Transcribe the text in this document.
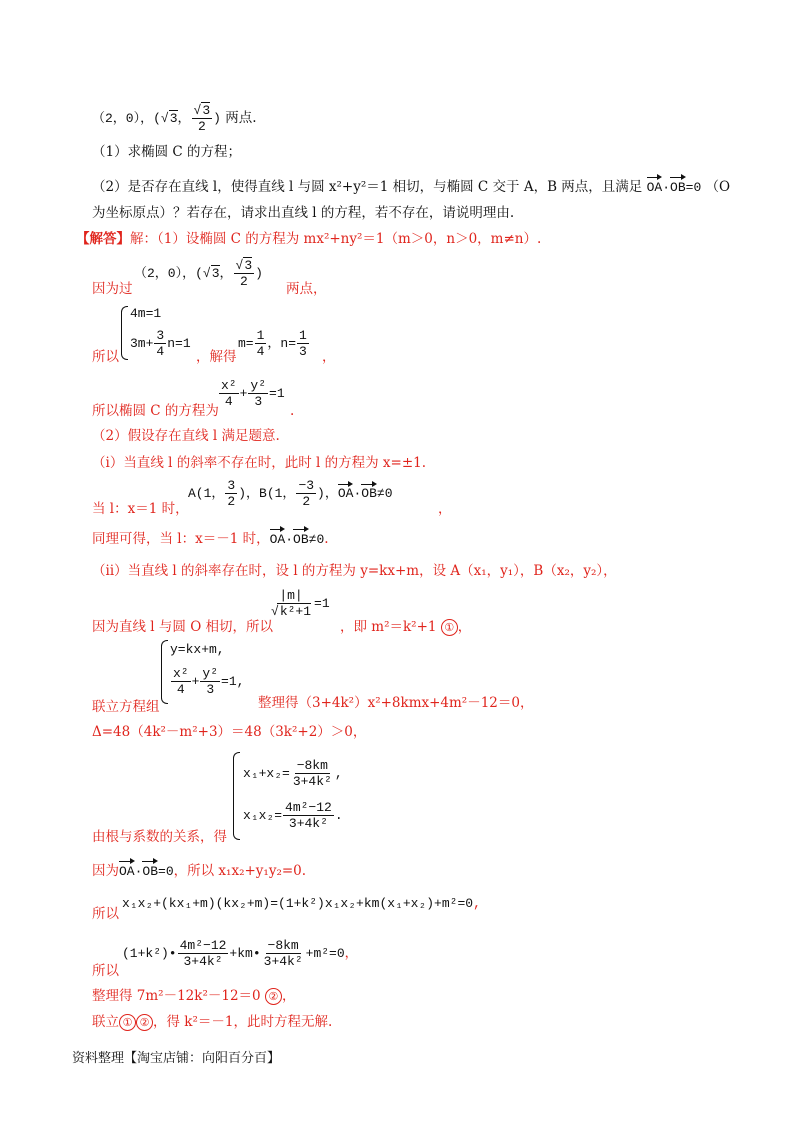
（2，0），(√3， $\frac{√3}{2}$ ) 两点.
（1）求椭圆 C 的方程；
（2）是否存在直线 l，使得直线 l 与圆 x²+y²＝1 相切，与椭圆 C 交于 A，B 两点，且满足 OA·OB=0 （O
为坐标原点）？若存在，请求出直线 l 的方程，若不存在，请说明理由.
【解答】解：（1）设椭圆 C 的方程为 mx²+ny²＝1（m＞0，n＞0，m≠n）.
因为过
（2，0），(√3， $\frac{√3}{2}$ )
两点，
4m=1
$3m+ \frac{3}{4} n=1$
所以	，解得
$m= \frac{1}{4}$ ，$n= \frac{1}{3}$ ，
所以椭圆 C 的方程为
$\frac{\text{x²}}{4} + \frac{\text{y²}}{3} =1$
.
（2）假设存在直线 l 满足题意.
（ⅰ）当直线 l 的斜率不存在时，此时 l 的方程为 x=±1.
当 l：x＝1 时，
A(1， $\frac{3}{2}$ )，B(1， $\frac{-3}{2}$ )，OA·OB≠0
，
同理可得，当 l：x＝－1 时，OA·OB≠0.
（ⅱ）当直线 l 的斜率存在时，设 l 的方程为 y=kx+m，设 A（x₁，y₁），B（x₂，y₂），
因为直线 l 与圆 O 相切，所以
$\frac{|m|}{\text{√k²+1}} =1$
，即 m²＝k²+1 ① ，
y=kx+m,
$\frac{\text{x²}}{4} + \frac{\text{y²}}{3} =1$,
联立方程组	整理得（3+4k²）x²+8kmx+4m²－12＝0，
Δ=48（4k²－m²+3）＝48（3k²+2）＞0，
$x_1+x_2= \frac{-8km}{\text{3+4k²}}$ ,
$x_1x_2= \frac{\text{4m²−12}}{\text{3+4k²}}$ .
由根与系数的关系，得
因为OA·OB=0，所以 x₁x₂+y₁y₂=0.
所以
x₁x₂+(kx₁+m)(kx₂+m)=(1+k²)x₁x₂+km(x₁+x₂)+m²=0,
所以
(1+k²)• $\frac{\text{4m²−12}}{\text{3+4k²}}$ +km• $\frac{-8km}{\text{3+4k²}} +m^2=0$，
整理得 7m²－12k²－12＝0 ② ，
联立 ① ② ，得 k²＝－1，此时方程无解.
资料整理【淘宝店铺：向阳百分百】
